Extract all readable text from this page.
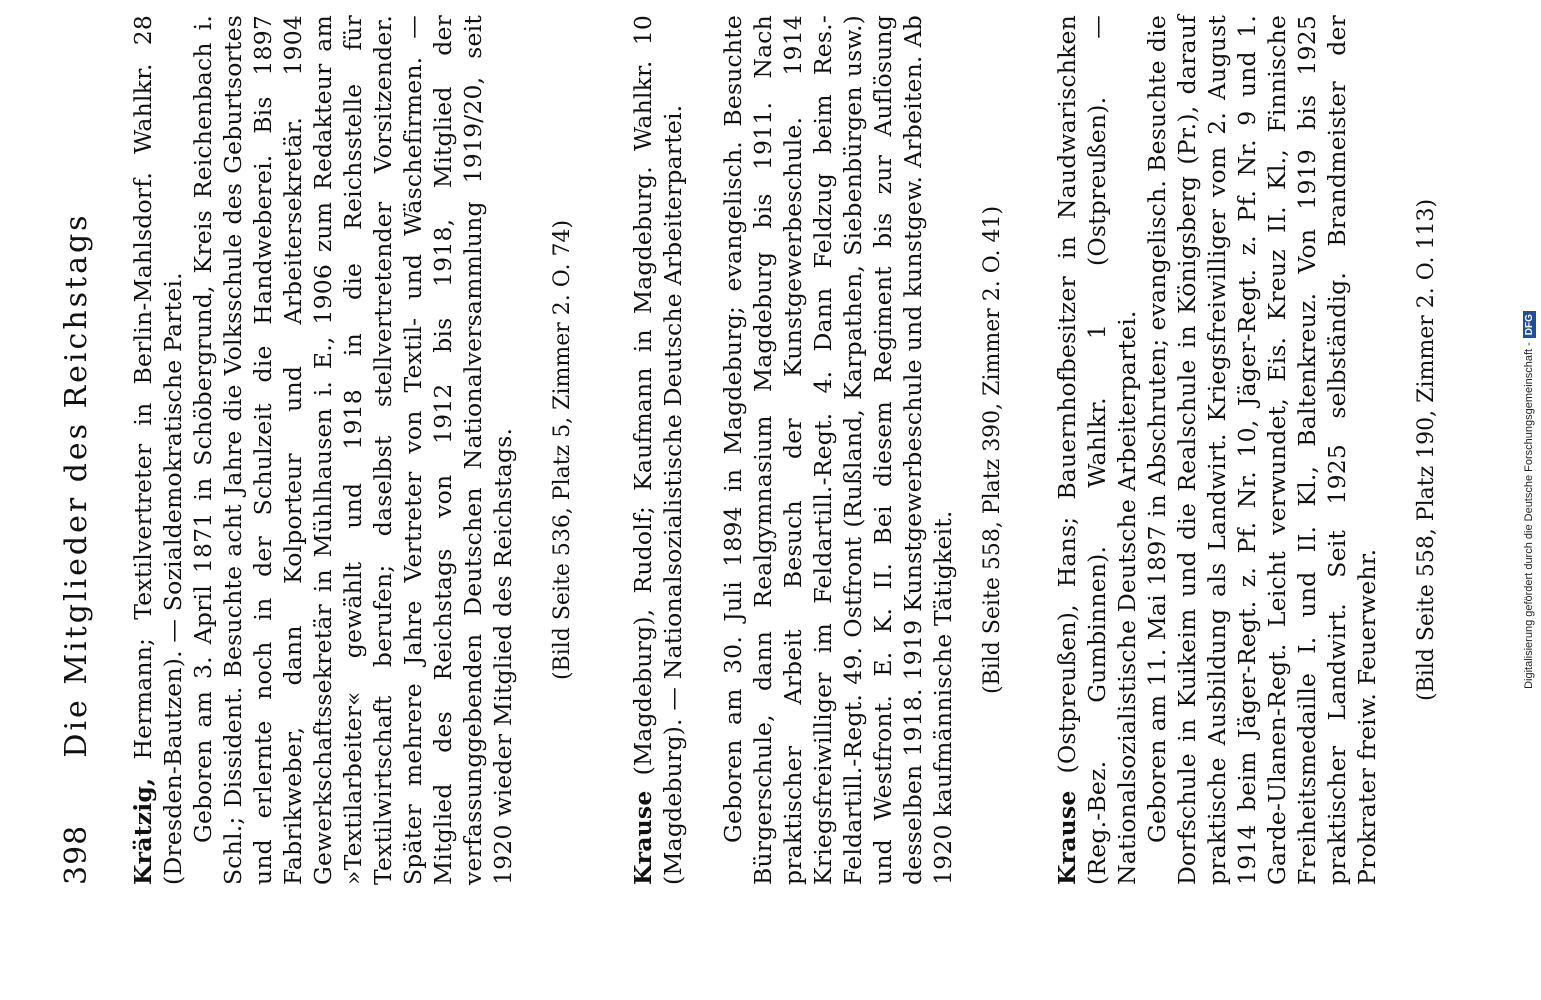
398
Die Mitglieder des Reichstags

Krätzig, Hermann; Textilvertreter in Berlin-Mahlsdorf. Wahlkr. 28 (Dresden-Bautzen). — Sozialdemokratische Partei. Geboren am 3. April 1871 in Schöbergrund, Kreis Reichenbach i. Schl.; Dissident. Besuchte acht Jahre die Volksschule des Geburtsortes und erlernte noch in der Schulzeit die Handweberei. Bis 1897 Fabrikweber, dann Kolporteur und Arbeitersekretär. 1904 Gewerkschaftssekretär in Mühlhausen i. E., 1906 zum Redakteur am »Textilarbeiter« gewählt und 1918 in die Reichsstelle für Textilwirtschaft berufen; daselbst stellvertretender Vorsitzender. Später mehrere Jahre Vertreter von Textil- und Wäschefirmen. — Mitglied des Reichstags von 1912 bis 1918, Mitglied der verfassunggebenden Deutschen Nationalversammlung 1919/20, seit 1920 wieder Mitglied des Reichstags. (Bild Seite 536, Platz 5, Zimmer 2. O. 74)

Krause (Magdeburg), Rudolf; Kaufmann in Magdeburg. Wahlkr. 10 (Magdeburg). — Nationalsozialistische Deutsche Arbeiterpartei. Geboren am 30. Juli 1894 in Magdeburg; evangelisch. Besuchte Bürgerschule, dann Realgymnasium Magdeburg bis 1911. Nach praktischer Arbeit Besuch der Kunstgewerbeschule. 1914 Kriegsfreiwilliger im Feldartill.-Regt. 4. Dann Feldzug beim Res.-Feldartill.-Regt. 49. Ostfront (Rußland, Karpathen, Siebenbürgen usw.) und Westfront. E. K. II. Bei diesem Regiment bis zur Auflösung desselben 1918. 1919 Kunstgewerbeschule und kunstgew. Arbeiten. Ab 1920 kaufmännische Tätigkeit.

(Bild Seite 558, Platz 390, Zimmer 2. O. 41)

Krause (Ostpreußen), Hans; Bauernhofbesitzer in Naudwarischken (Reg.-Bez. Gumbinnen). Wahlkr. 1 (Ostpreußen). — Nationalsozialistische Deutsche Arbeiterpartei. Geboren am 11. Mai 1897 in Abschruten; evangelisch. Besuchte die Dorfschule in Kuikeim und die Realschule in Königsberg (Pr.), darauf praktische Ausbildung als Landwirt. Kriegsfreiwilliger vom 2. August 1914 beim Jäger-Regt. z. Pf. Nr. 10, Jäger-Regt. z. Pf. Nr. 9 und 1. Garde-Ulanen-Regt. Leicht verwundet, Eis. Kreuz II. Kl., Finnische Freiheitsmedaille I. und II. Kl., Baltenkreuz. Von 1919 bis 1925 praktischer Landwirt. Seit 1925 selbständig. Brandmeister der Prokrater freiw. Feuerwehr.

(Bild Seite 558, Platz 190, Zimmer 2. O. 113)	Digitalisierung gefördert durch die Deutsche Forschungsgemeinschaft -DFG
